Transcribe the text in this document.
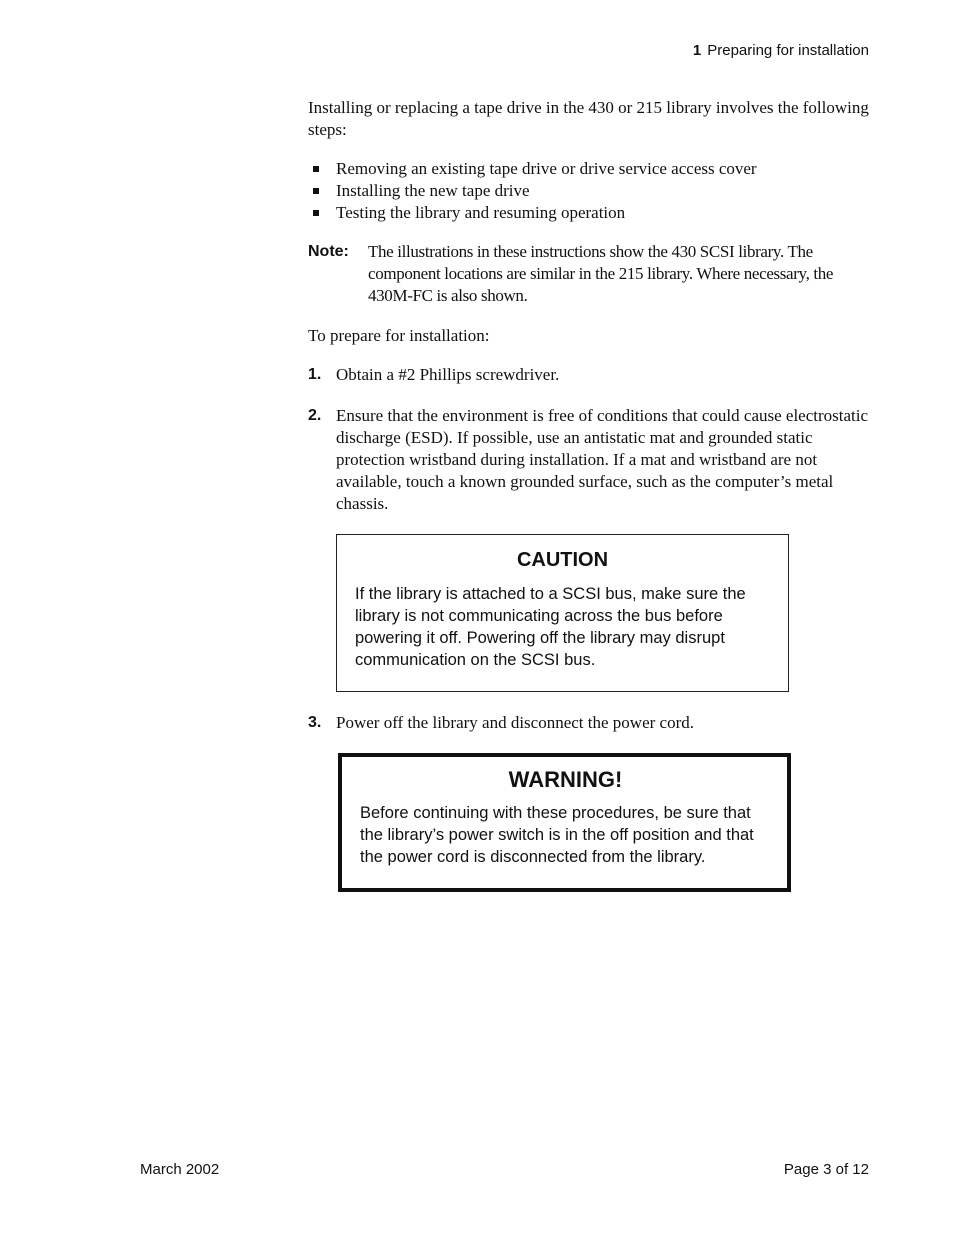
1 Preparing for installation

Installing or replacing a tape drive in the 430 or 215 library involves the following steps:

Removing an existing tape drive or drive service access cover
Installing the new tape drive
Testing the library and resuming operation
Note: The illustrations in these instructions show the 430 SCSI library. The component locations are similar in the 215 library. Where necessary, the 430M-FC is also shown.

To prepare for installation:

1. Obtain a #2 Phillips screwdriver.
2. Ensure that the environment is free of conditions that could cause electrostatic discharge (ESD). If possible, use an antistatic mat and grounded static protection wristband during installation. If a mat and wristband are not available, touch a known grounded surface, such as the computer’s metal chassis.
CAUTION
If the library is attached to a SCSI bus, make sure the library is not communicating across the bus before powering it off. Powering off the library may disrupt communication on the SCSI bus.
3. Power off the library and disconnect the power cord.
WARNING!
Before continuing with these procedures, be sure that the library’s power switch is in the off position and that the power cord is disconnected from the library.
March 2002	Page 3 of 12
